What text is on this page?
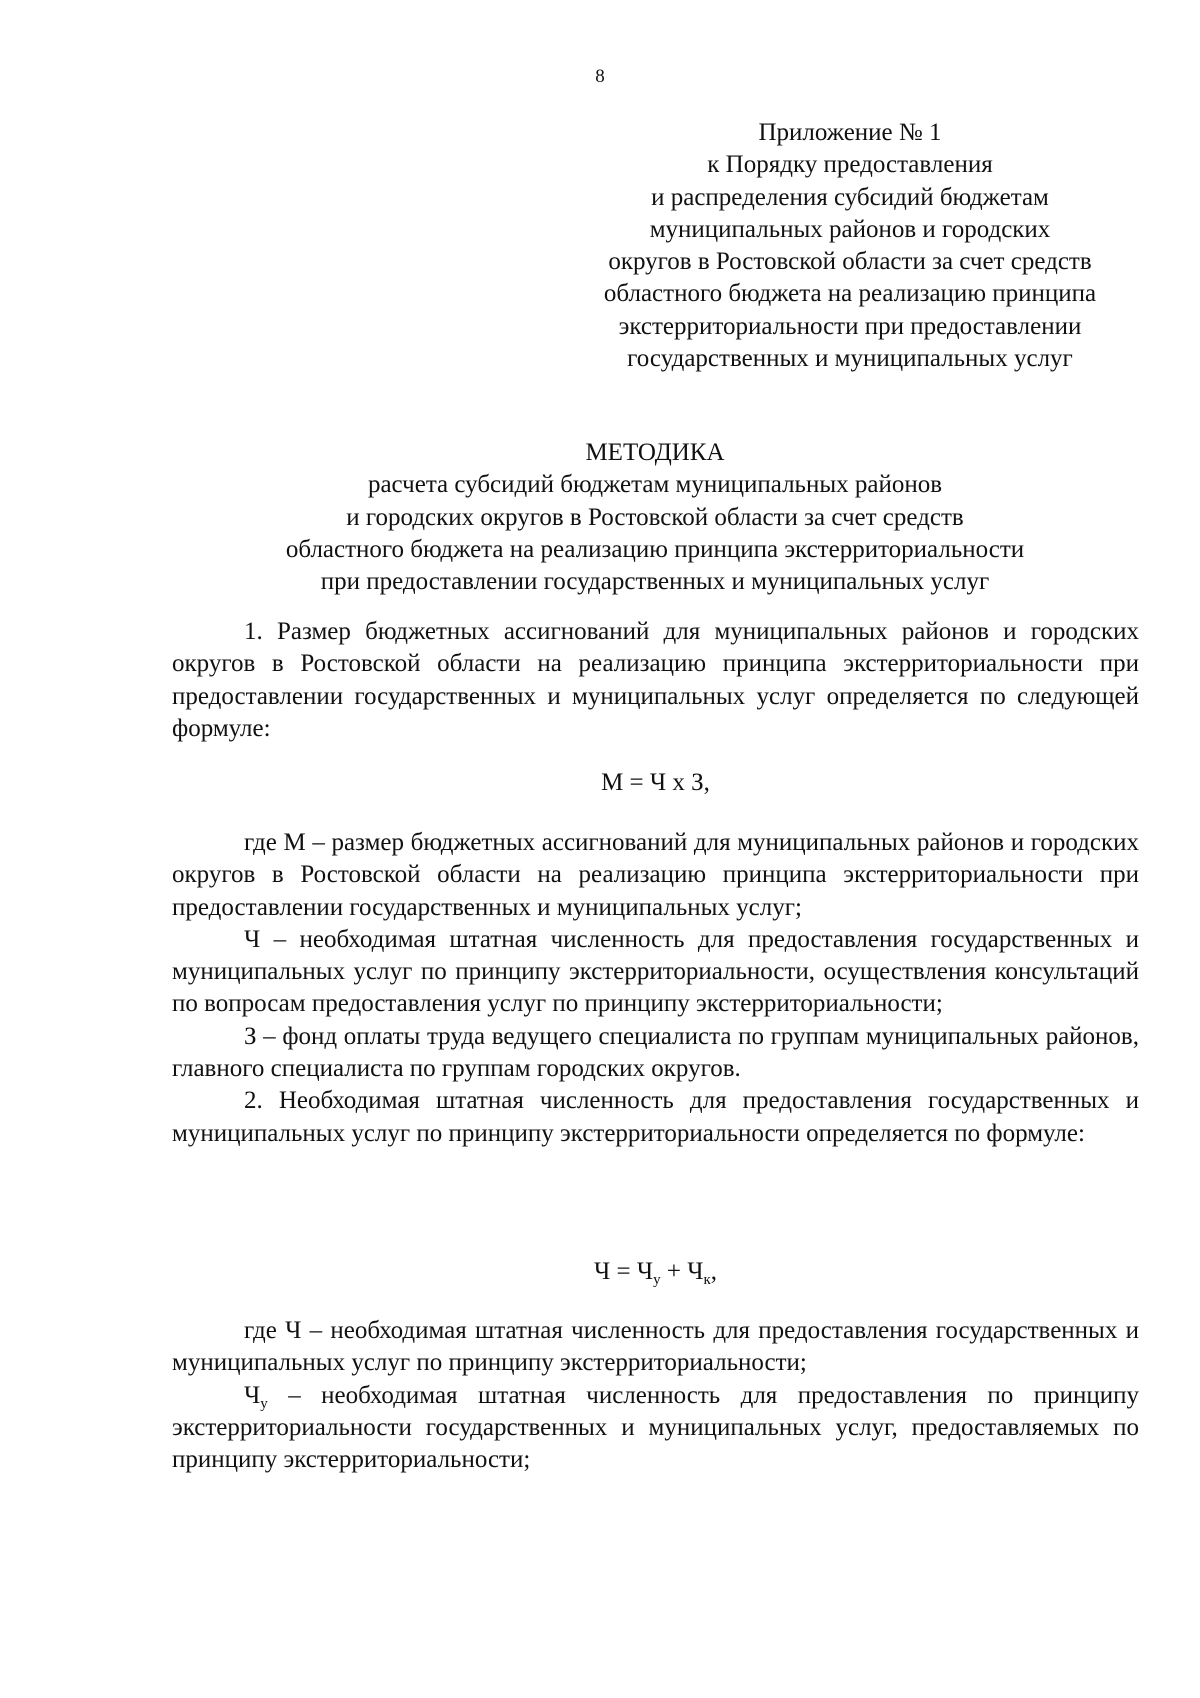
8
Приложение № 1
к Порядку предоставления
и распределения субсидий бюджетам
муниципальных районов и городских
округов в Ростовской области за счет средств
областного бюджета на реализацию принципа
экстерриториальности при предоставлении
государственных и муниципальных услуг
МЕТОДИКА
расчета субсидий бюджетам муниципальных районов
и городских округов в Ростовской области за счет средств
областного бюджета на реализацию принципа экстерриториальности
при предоставлении государственных и муниципальных услуг

1. Размер бюджетных ассигнований для муниципальных районов и городских округов в Ростовской области на реализацию принципа экстерриториальности при предоставлении государственных и муниципальных услуг определяется по следующей формуле:

М = Ч х З,

где М – размер бюджетных ассигнований для муниципальных районов и городских округов в Ростовской области на реализацию принципа экстерриториальности при предоставлении государственных и муниципальных услуг;

Ч – необходимая штатная численность для предоставления государственных и муниципальных услуг по принципу экстерриториальности, осуществления консультаций по вопросам предоставления услуг по принципу экстерриториальности;

З – фонд оплаты труда ведущего специалиста по группам муниципальных районов, главного специалиста по группам городских округов.

2. Необходимая штатная численность для предоставления государственных и муниципальных услуг по принципу экстерриториальности определяется по формуле:

$Ч = Ч_у + Ч_к$,

где Ч – необходимая штатная численность для предоставления государственных и муниципальных услуг по принципу экстерриториальности;

$Ч_у$ – необходимая штатная численность для предоставления по принципу экстерриториальности государственных и муниципальных услуг, предоставляемых по принципу экстерриториальности;
